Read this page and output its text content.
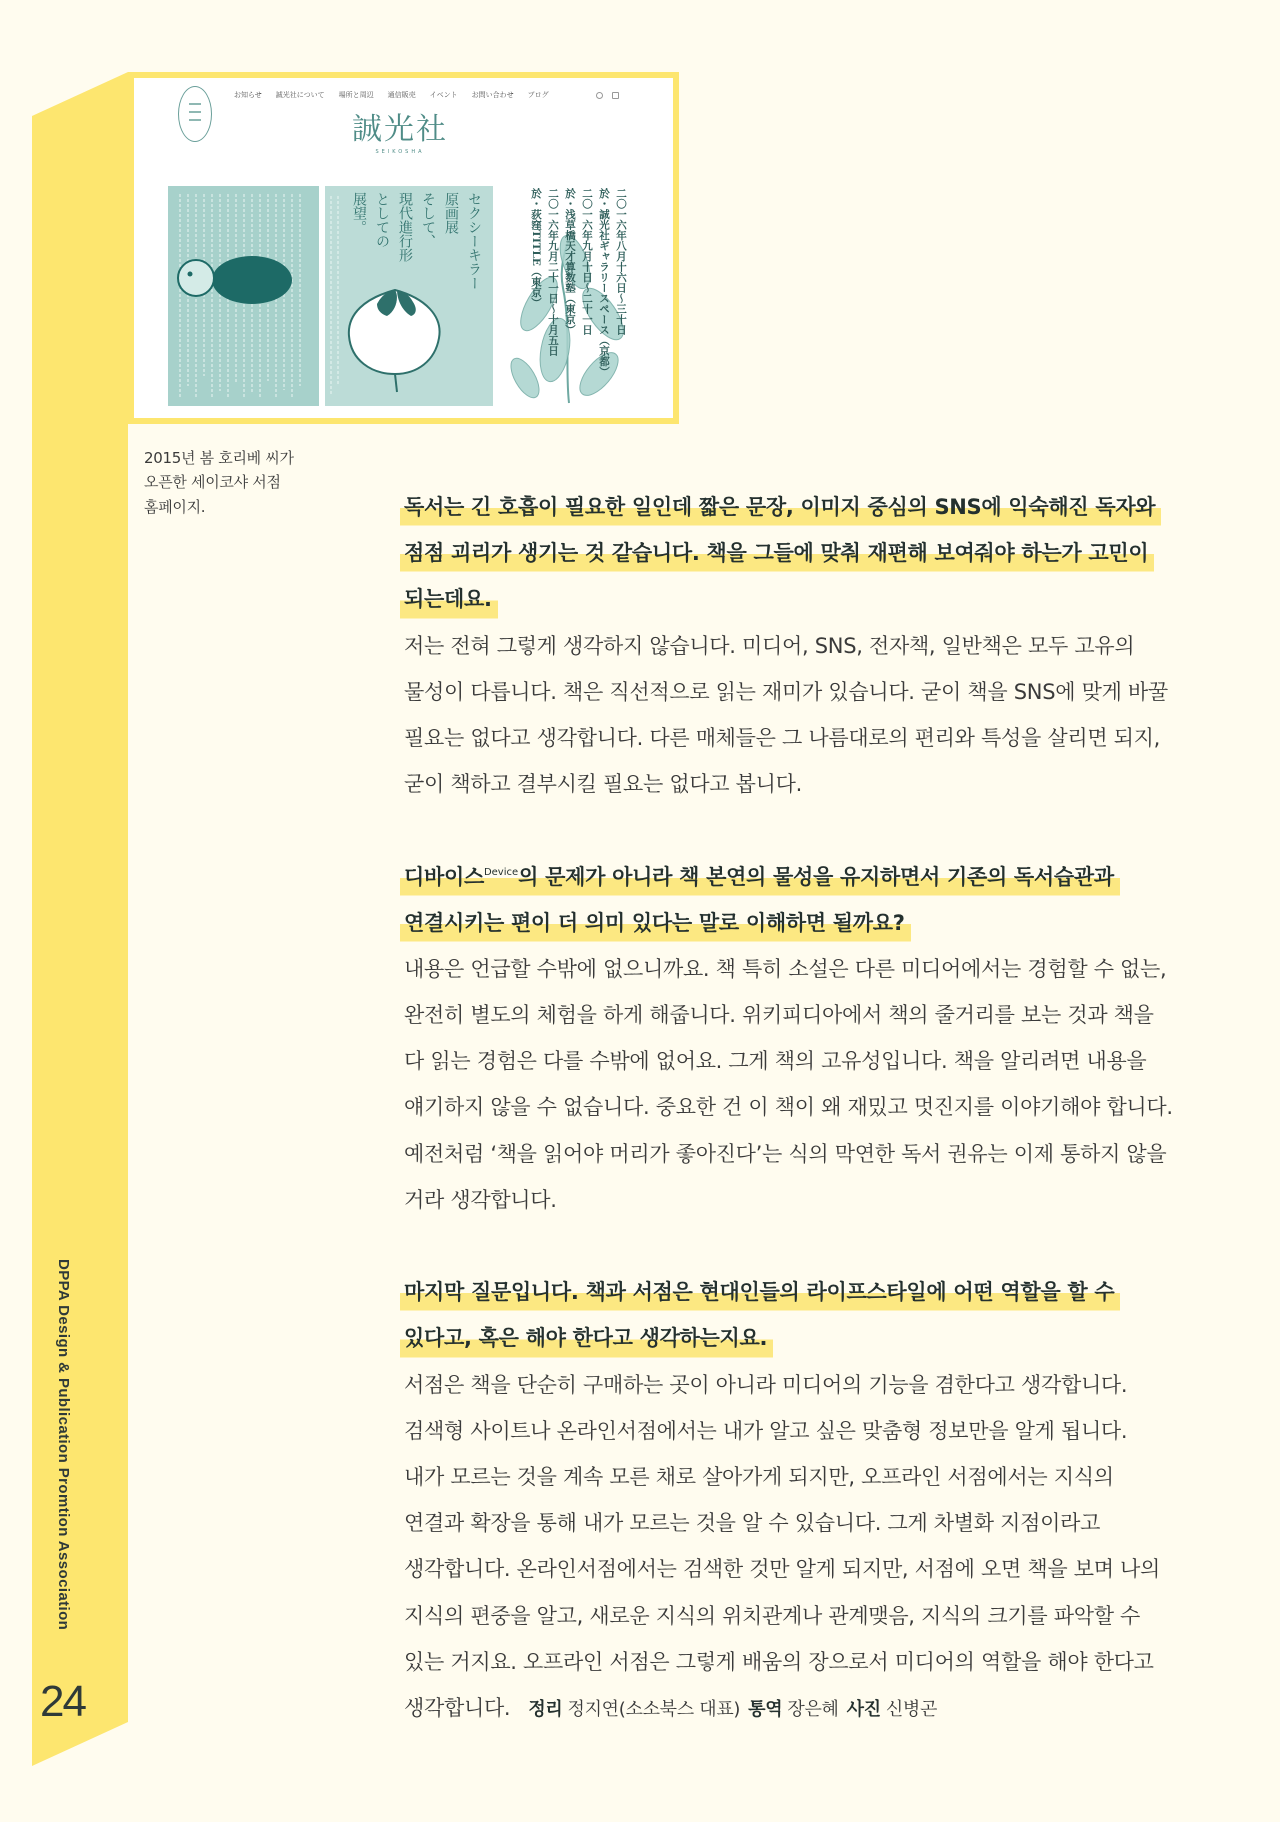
お知らせ 誠光社について 場所と周辺 通信販売 イベント お問い合わせ ブログ
誠光社
SEIKOSHA
セクシーキラー
原画展
そして、
現代進行形
としての
展望。	二〇一六年八月十六日〜三十日
於・誠光社ギャラリースペース（京都）
二〇一六年九月十日〜二十一日
於・浅草橋天才算数塾（東京）
二〇一六年九月二十一日〜十月五日
於・荻窪TITLE（東京）
2015년 봄 호리베 씨가
오픈한 세이코샤 서점
홈페이지.	독서는 긴 호흡이 필요한 일인데 짧은 문장, 이미지 중심의 SNS에 익숙해진 독자와
점점 괴리가 생기는 것 같습니다. 책을 그들에 맞춰 재편해 보여줘야 하는가 고민이
되는데요.
저는 전혀 그렇게 생각하지 않습니다. 미디어, SNS, 전자책, 일반책은 모두 고유의
물성이 다릅니다. 책은 직선적으로 읽는 재미가 있습니다. 굳이 책을 SNS에 맞게 바꿀
필요는 없다고 생각합니다. 다른 매체들은 그 나름대로의 편리와 특성을 살리면 되지,
굳이 책하고 결부시킬 필요는 없다고 봅니다.
디바이스$^{Device}$의 문제가 아니라 책 본연의 물성을 유지하면서 기존의 독서습관과
연결시키는 편이 더 의미 있다는 말로 이해하면 될까요?
내용은 언급할 수밖에 없으니까요. 책 특히 소설은 다른 미디어에서는 경험할 수 없는,
완전히 별도의 체험을 하게 해줍니다. 위키피디아에서 책의 줄거리를 보는 것과 책을
다 읽는 경험은 다를 수밖에 없어요. 그게 책의 고유성입니다. 책을 알리려면 내용을
얘기하지 않을 수 없습니다. 중요한 건 이 책이 왜 재밌고 멋진지를 이야기해야 합니다.
예전처럼 ‘책을 읽어야 머리가 좋아진다’는 식의 막연한 독서 권유는 이제 통하지 않을
거라 생각합니다.
마지막 질문입니다. 책과 서점은 현대인들의 라이프스타일에 어떤 역할을 할 수
있다고, 혹은 해야 한다고 생각하는지요.
서점은 책을 단순히 구매하는 곳이 아니라 미디어의 기능을 겸한다고 생각합니다.
검색형 사이트나 온라인서점에서는 내가 알고 싶은 맞춤형 정보만을 알게 됩니다.
내가 모르는 것을 계속 모른 채로 살아가게 되지만, 오프라인 서점에서는 지식의
연결과 확장을 통해 내가 모르는 것을 알 수 있습니다. 그게 차별화 지점이라고
생각합니다. 온라인서점에서는 검색한 것만 알게 되지만, 서점에 오면 책을 보며 나의
지식의 편중을 알고, 새로운 지식의 위치관계나 관계맺음, 지식의 크기를 파악할 수
있는 거지요. 오프라인 서점은 그렇게 배움의 장으로서 미디어의 역할을 해야 한다고
생각합니다. 정리 정지연(소소북스 대표) 통역 장은혜 사진 신병곤
DPPA Design & Publication Promtion Association
24
